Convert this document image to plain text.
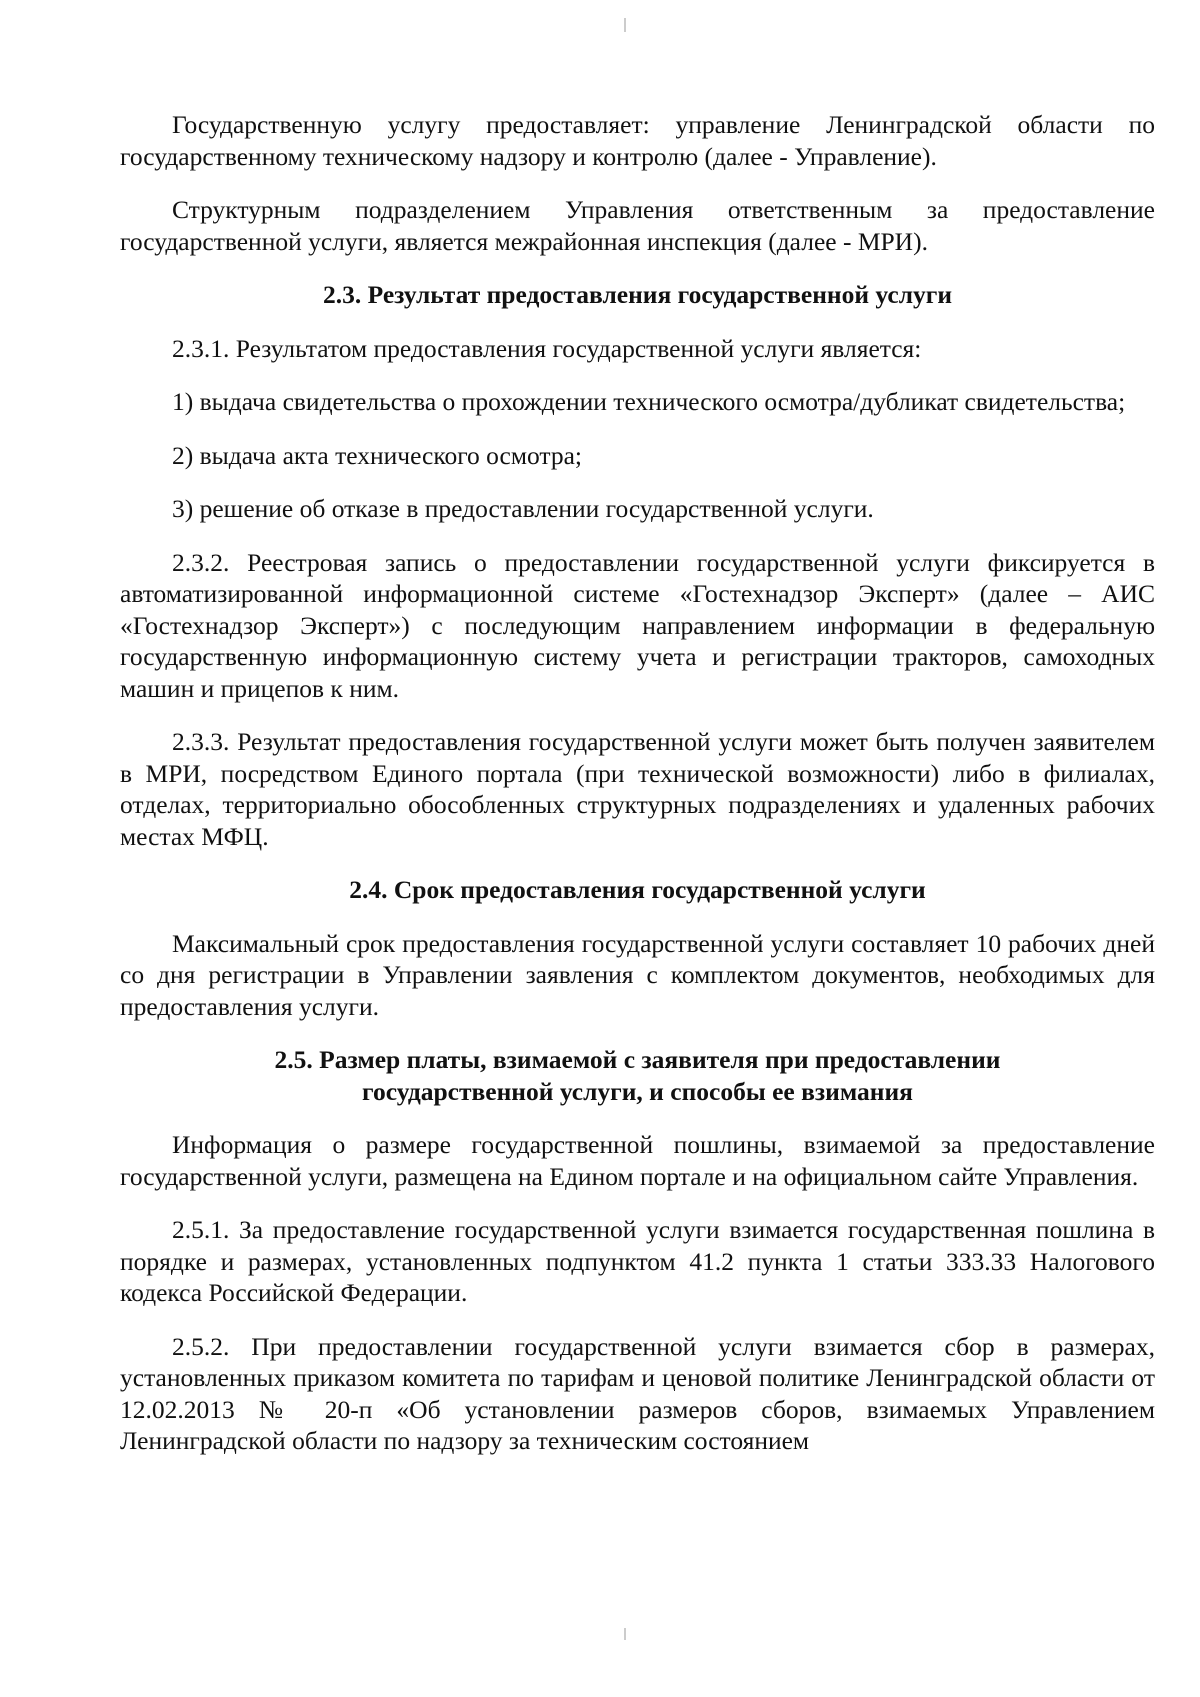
Государственную услугу предоставляет: управление Ленинградской области по государственному техническому надзору и контролю (далее - Управление).

Структурным подразделением Управления ответственным за предоставление государственной услуги, является межрайонная инспекция (далее - МРИ).

2.3. Результат предоставления государственной услуги

2.3.1. Результатом предоставления государственной услуги является:

1) выдача свидетельства о прохождении технического осмотра/дубликат свидетельства;

2) выдача акта технического осмотра;

3) решение об отказе в предоставлении государственной услуги.

2.3.2. Реестровая запись о предоставлении государственной услуги фиксируется в автоматизированной информационной системе «Гостехнадзор Эксперт» (далее – АИС «Гостехнадзор Эксперт») с последующим направлением информации в федеральную государственную информационную систему учета и регистрации тракторов, самоходных машин и прицепов к ним.

2.3.3. Результат предоставления государственной услуги может быть получен заявителем в МРИ, посредством Единого портала (при технической возможности) либо в филиалах, отделах, территориально обособленных структурных подразделениях и удаленных рабочих местах МФЦ.

2.4. Срок предоставления государственной услуги

Максимальный срок предоставления государственной услуги составляет 10 рабочих дней со дня регистрации в Управлении заявления с комплектом документов, необходимых для предоставления услуги.

2.5. Размер платы, взимаемой с заявителя при предоставлении
государственной услуги, и способы ее взимания

Информация о размере государственной пошлины, взимаемой за предоставление государственной услуги, размещена на Едином портале и на официальном сайте Управления.

2.5.1. За предоставление государственной услуги взимается государственная пошлина в порядке и размерах, установленных подпунктом 41.2 пункта 1 статьи 333.33 Налогового кодекса Российской Федерации.

2.5.2. При предоставлении государственной услуги взимается сбор в размерах, установленных приказом комитета по тарифам и ценовой политике Ленинградской области от 12.02.2013 № 20-п «Об установлении размеров сборов, взимаемых Управлением Ленинградской области по надзору за техническим состоянием
